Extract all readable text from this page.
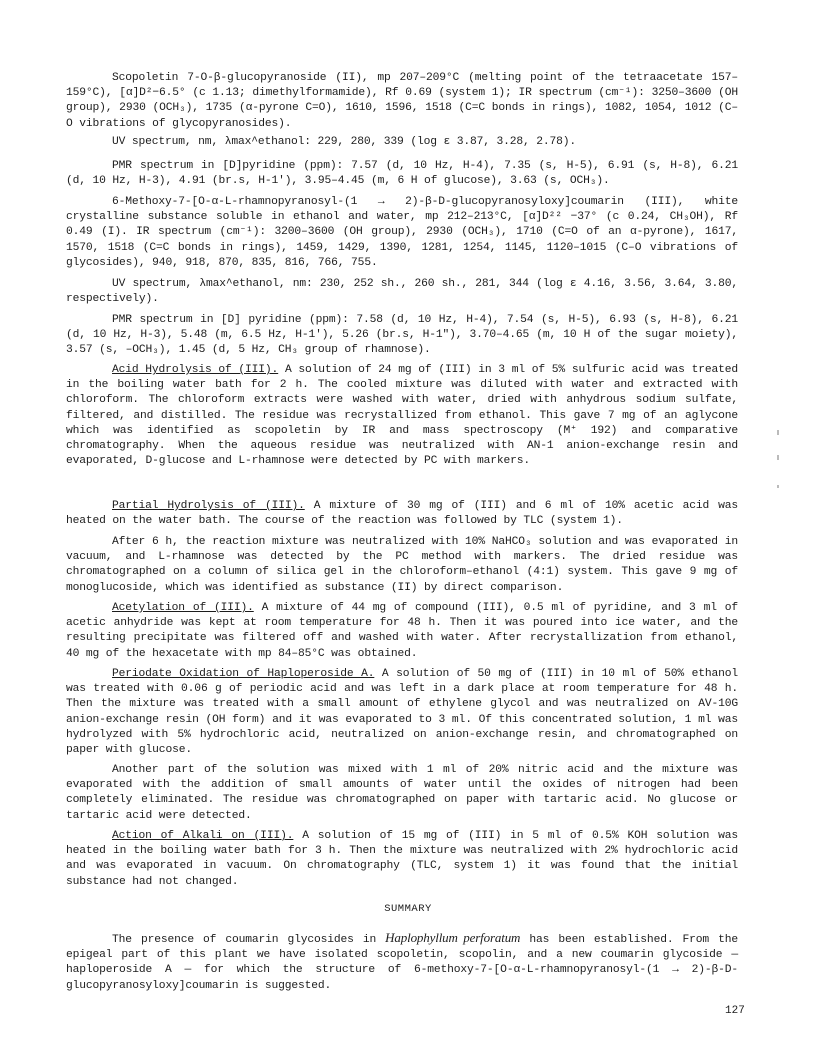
Scopoletin 7-O-β-glucopyranoside (II), mp 207–209°C (melting point of the tetraacetate 157–159°C), [α]D²−6.5° (c 1.13; dimethylformamide), Rf 0.69 (system 1); IR spectrum (cm⁻¹): 3250–3600 (OH group), 2930 (OCH₃), 1735 (α-pyrone C=O), 1610, 1596, 1518 (C=C bonds in rings), 1082, 1054, 1012 (C–O vibrations of glycopyranosides).

UV spectrum, nm, λmax^ethanol: 229, 280, 339 (log ε 3.87, 3.28, 2.78).

PMR spectrum in [D]pyridine (ppm): 7.57 (d, 10 Hz, H-4), 7.35 (s, H-5), 6.91 (s, H-8), 6.21 (d, 10 Hz, H-3), 4.91 (br.s, H-1'), 3.95–4.45 (m, 6 H of glucose), 3.63 (s, OCH₃).

6-Methoxy-7-[O-α-L-rhamnopyranosyl-(1 → 2)-β-D-glucopyranosyloxy]coumarin (III), white crystalline substance soluble in ethanol and water, mp 212–213°C, [α]D²² −37° (c 0.24, CH₃OH), Rf 0.49 (I). IR spectrum (cm⁻¹): 3200–3600 (OH group), 2930 (OCH₃), 1710 (C=O of an α-pyrone), 1617, 1570, 1518 (C=C bonds in rings), 1459, 1429, 1390, 1281, 1254, 1145, 1120–1015 (C–O vibrations of glycosides), 940, 918, 870, 835, 816, 766, 755.

UV spectrum, λmax^ethanol, nm: 230, 252 sh., 260 sh., 281, 344 (log ε 4.16, 3.56, 3.64, 3.80, respectively).

PMR spectrum in [D] pyridine (ppm): 7.58 (d, 10 Hz, H-4), 7.54 (s, H-5), 6.93 (s, H-8), 6.21 (d, 10 Hz, H-3), 5.48 (m, 6.5 Hz, H-1'), 5.26 (br.s, H-1"), 3.70–4.65 (m, 10 H of the sugar moiety), 3.57 (s, –OCH₃), 1.45 (d, 5 Hz, CH₃ group of rhamnose).

Acid Hydrolysis of (III). A solution of 24 mg of (III) in 3 ml of 5% sulfuric acid was treated in the boiling water bath for 2 h. The cooled mixture was diluted with water and extracted with chloroform. The chloroform extracts were washed with water, dried with anhydrous sodium sulfate, filtered, and distilled. The residue was recrystallized from ethanol. This gave 7 mg of an aglycone which was identified as scopoletin by IR and mass spectroscopy (M⁺ 192) and comparative chromatography. When the aqueous residue was neutralized with AN-1 anion-exchange resin and evaporated, D-glucose and L-rhamnose were detected by PC with markers.

Partial Hydrolysis of (III). A mixture of 30 mg of (III) and 6 ml of 10% acetic acid was heated on the water bath. The course of the reaction was followed by TLC (system 1).

After 6 h, the reaction mixture was neutralized with 10% NaHCO₃ solution and was evaporated in vacuum, and L-rhamnose was detected by the PC method with markers. The dried residue was chromatographed on a column of silica gel in the chloroform–ethanol (4:1) system. This gave 9 mg of monoglucoside, which was identified as substance (II) by direct comparison.

Acetylation of (III). A mixture of 44 mg of compound (III), 0.5 ml of pyridine, and 3 ml of acetic anhydride was kept at room temperature for 48 h. Then it was poured into ice water, and the resulting precipitate was filtered off and washed with water. After recrystallization from ethanol, 40 mg of the hexacetate with mp 84–85°C was obtained.

Periodate Oxidation of Haploperoside A. A solution of 50 mg of (III) in 10 ml of 50% ethanol was treated with 0.06 g of periodic acid and was left in a dark place at room temperature for 48 h. Then the mixture was treated with a small amount of ethylene glycol and was neutralized on AV-10G anion-exchange resin (OH form) and it was evaporated to 3 ml. Of this concentrated solution, 1 ml was hydrolyzed with 5% hydrochloric acid, neutralized on anion-exchange resin, and chromatographed on paper with glucose.

Another part of the solution was mixed with 1 ml of 20% nitric acid and the mixture was evaporated with the addition of small amounts of water until the oxides of nitrogen had been completely eliminated. The residue was chromatographed on paper with tartaric acid. No glucose or tartaric acid were detected.

Action of Alkali on (III). A solution of 15 mg of (III) in 5 ml of 0.5% KOH solution was heated in the boiling water bath for 3 h. Then the mixture was neutralized with 2% hydrochloric acid and was evaporated in vacuum. On chromatography (TLC, system 1) it was found that the initial substance had not changed.

SUMMARY

The presence of coumarin glycosides in Haplophyllum perforatum has been established. From the epigeal part of this plant we have isolated scopoletin, scopolin, and a new coumarin glycoside — haploperoside A — for which the structure of 6-methoxy-7-[O-α-L-rhamnopyranosyl-(1 → 2)-β-D-glucopyranosyloxy]coumarin is suggested.

127
